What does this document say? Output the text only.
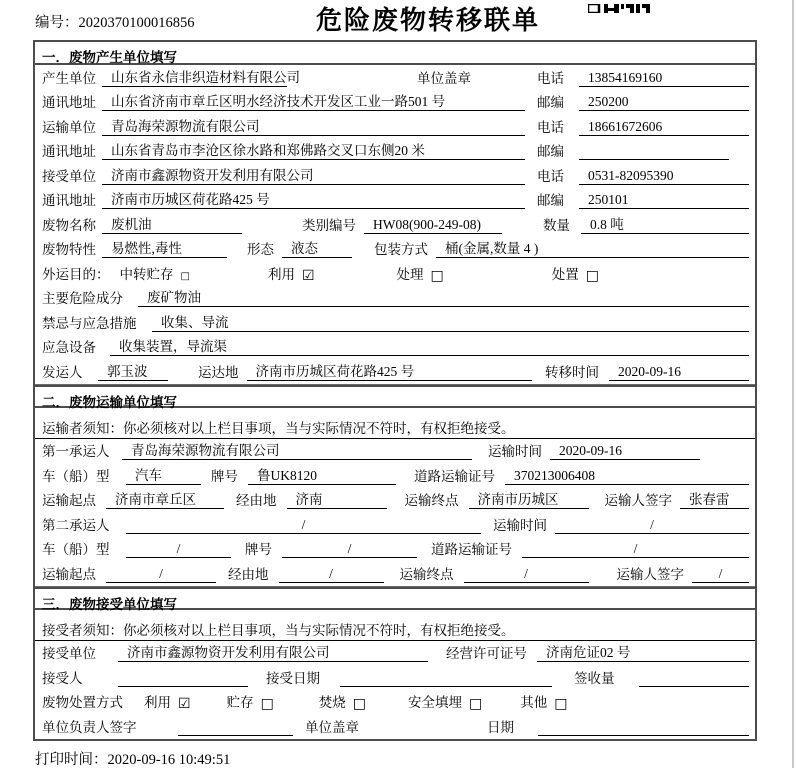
编号：2020370100016856	危险废物转移联单
一．废物产生单位填写
产生单位	山东省永信非织造材料有限公司	单位盖章	电话	13854169160
通讯地址	山东省济南市章丘区明水经济技术开发区工业一路501 号	邮编	250200
运输单位	青岛海荣源物流有限公司	电话	18661672606
通讯地址	山东省青岛市李沧区徐水路和郑佛路交叉口东侧20 米	邮编
接受单位	济南市鑫源物资开发利用有限公司	电话	0531-82095390
通讯地址	济南市历城区荷花路425 号	邮编	250101
废物名称	废机油	类别编号	HW08(900-249-08)	数量	0.8 吨
废物特性	易燃性,毒性	形态	液态	包装方式	桶(金属,数量 4 )
外运目的： 中转贮存 □	利用 ☑	处理 □	处置 □
主要危险成分	废矿物油
禁忌与应急措施	收集、导流
应急设备	收集装置，导流渠
发运人	郭玉波	运达地	济南市历城区荷花路425 号	转移时间	2020-09-16
二．废物运输单位填写
运输者须知：你必须核对以上栏目事项，当与实际情况不符时，有权拒绝接受。
第一承运人	青岛海荣源物流有限公司	运输时间	2020-09-16
车（船）型	汽车	牌号	鲁UK8120	道路运输证号	370213006408
运输起点	济南市章丘区	经由地	济南	运输终点	济南市历城区	运输人签字	张春雷
第二承运人	/	运输时间	/
车（船）型	/	牌号	/	道路运输证号	/
运输起点	/	经由地	/	运输终点	/	运输人签字	/
三．废物接受单位填写
接受者须知：你必须核对以上栏目事项，当与实际情况不符时，有权拒绝接受。
接受单位	济南市鑫源物资开发利用有限公司	经营许可证号	济南危证02 号
接受人	接受日期	签收量
废物处置方式 利用 ☑	贮存 □	焚烧 □	安全填埋 □	其他 □
单位负责人签字	单位盖章	日期
打印时间：2020-09-16 10:49:51
